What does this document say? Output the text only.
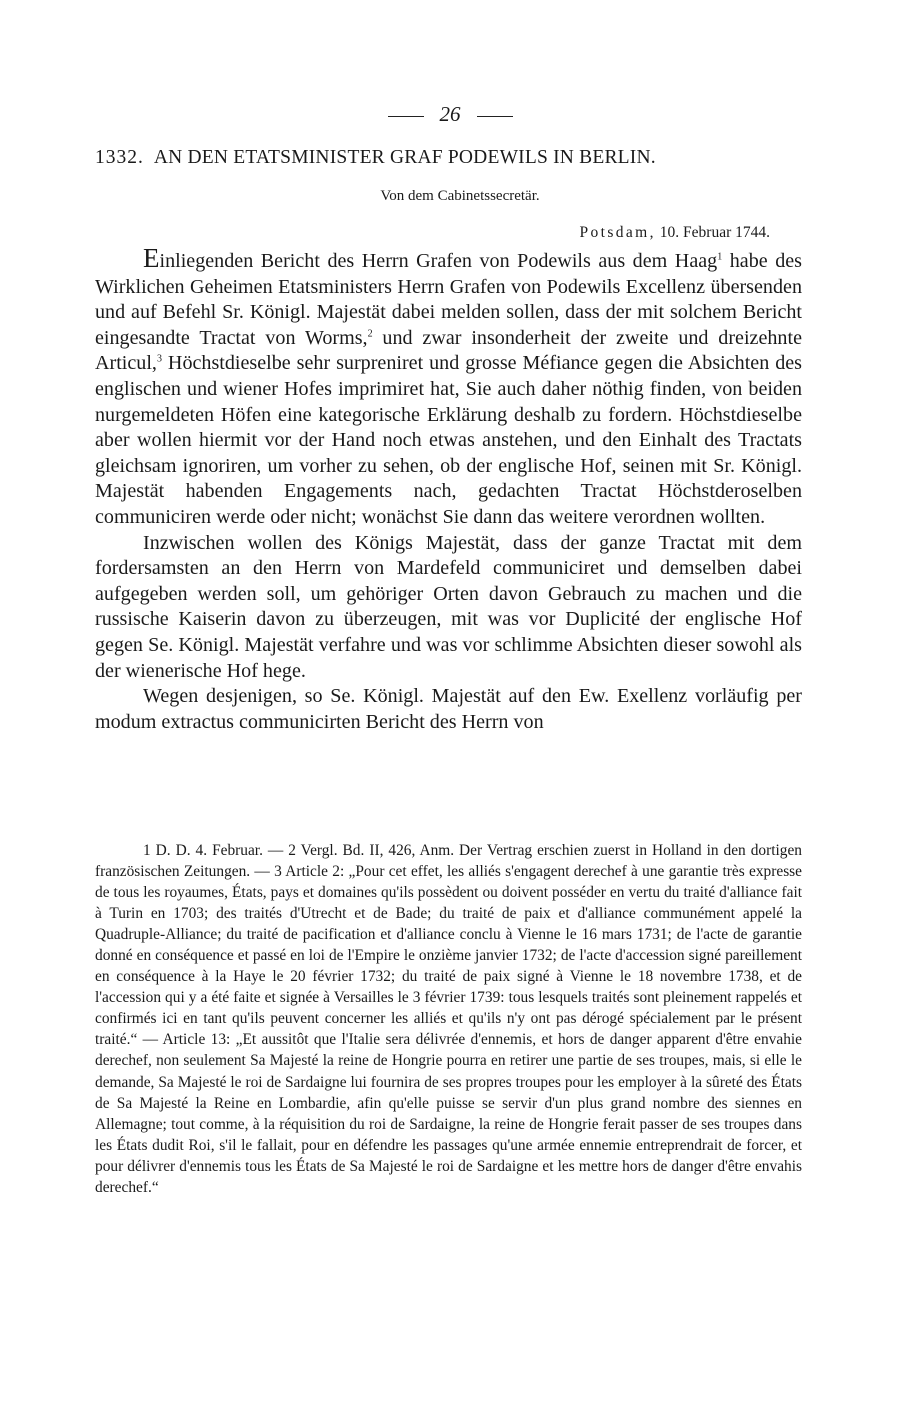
26
1332. AN DEN ETATSMINISTER GRAF PODEWILS IN BERLIN.
Von dem Cabinetssecretär.
Potsdam, 10. Februar 1744.

Einliegenden Bericht des Herrn Grafen von Podewils aus dem Haag$^1$ habe des Wirklichen Geheimen Etatsministers Herrn Grafen von Podewils Excellenz übersenden und auf Befehl Sr. Königl. Majestät dabei melden sollen, dass der mit solchem Bericht eingesandte Tractat von Worms,$^2$ und zwar insonderheit der zweite und dreizehnte Articul,$^3$ Höchstdieselbe sehr surpreniret und grosse Méfiance gegen die Absichten des englischen und wiener Hofes imprimiret hat, Sie auch daher nöthig finden, von beiden nurgemeldeten Höfen eine kategorische Erklärung deshalb zu fordern. Höchstdieselbe aber wollen hiermit vor der Hand noch etwas anstehen, und den Einhalt des Tractats gleichsam ignoriren, um vorher zu sehen, ob der englische Hof, seinen mit Sr. Königl. Majestät habenden Engagements nach, gedachten Tractat Höchstderoselben communiciren werde oder nicht; wonächst Sie dann das weitere verordnen wollten.

Inzwischen wollen des Königs Majestät, dass der ganze Tractat mit dem fordersamsten an den Herrn von Mardefeld communiciret und demselben dabei aufgegeben werden soll, um gehöriger Orten davon Gebrauch zu machen und die russische Kaiserin davon zu überzeugen, mit was vor Duplicité der englische Hof gegen Se. Königl. Majestät verfahre und was vor schlimme Absichten dieser sowohl als der wienerische Hof hege.

Wegen desjenigen, so Se. Königl. Majestät auf den Ew. Exellenz vorläufig per modum extractus communicirten Bericht des Herrn von

1 D. D. 4. Februar. — 2 Vergl. Bd. II, 426, Anm. Der Vertrag erschien zuerst in Holland in den dortigen französischen Zeitungen. — 3 Article 2: „Pour cet effet, les alliés s'engagent derechef à une garantie très expresse de tous les royaumes, États, pays et domaines qu'ils possèdent ou doivent posséder en vertu du traité d'alliance fait à Turin en 1703; des traités d'Utrecht et de Bade; du traité de paix et d'alliance communément appelé la Quadruple-Alliance; du traité de pacification et d'alliance conclu à Vienne le 16 mars 1731; de l'acte de garantie donné en conséquence et passé en loi de l'Empire le onzième janvier 1732; de l'acte d'accession signé pareillement en conséquence à la Haye le 20 février 1732; du traité de paix signé à Vienne le 18 novembre 1738, et de l'accession qui y a été faite et signée à Versailles le 3 février 1739: tous lesquels traités sont pleinement rappelés et confirmés ici en tant qu'ils peuvent concerner les alliés et qu'ils n'y ont pas dérogé spécialement par le présent traité.“ — Article 13: „Et aussitôt que l'Italie sera délivrée d'ennemis, et hors de danger apparent d'être envahie derechef, non seulement Sa Majesté la reine de Hongrie pourra en retirer une partie de ses troupes, mais, si elle le demande, Sa Majesté le roi de Sardaigne lui fournira de ses propres troupes pour les employer à la sûreté des États de Sa Majesté la Reine en Lombardie, afin qu'elle puisse se servir d'un plus grand nombre des siennes en Allemagne; tout comme, à la réquisition du roi de Sardaigne, la reine de Hongrie ferait passer de ses troupes dans les États dudit Roi, s'il le fallait, pour en défendre les passages qu'une armée ennemie entreprendrait de forcer, et pour délivrer d'ennemis tous les États de Sa Majesté le roi de Sardaigne et les mettre hors de danger d'être envahis derechef.“
